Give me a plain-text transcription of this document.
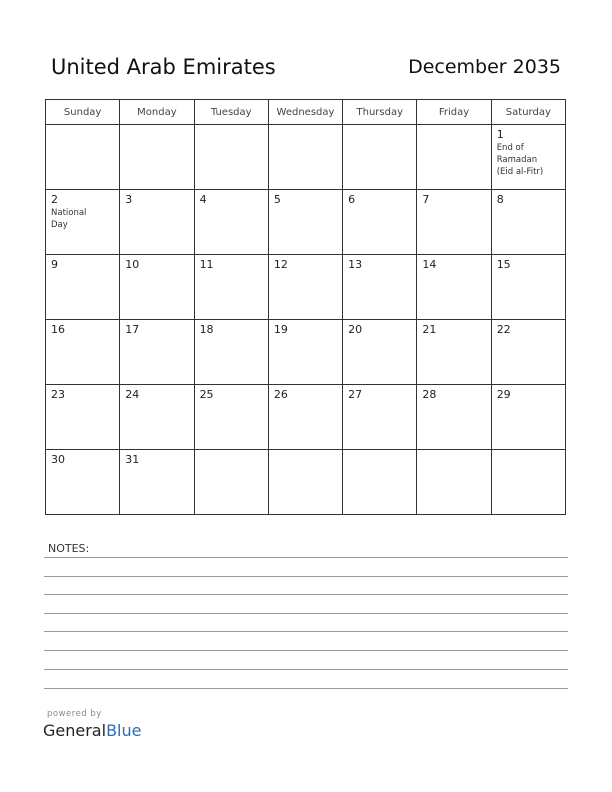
United Arab Emirates	December 2035
Sunday	Monday	Tuesday	Wednesday	Thursday	Friday	Saturday

						1
End of
Ramadan
(Eid al-Fitr)

2
National
Day	3	4	5	6	7	8

9	10	11	12	13	14	15

16	17	18	19	20	21	22

23	24	25	26	27	28	29

30	31					

NOTES:
powered by
GeneralBlue
